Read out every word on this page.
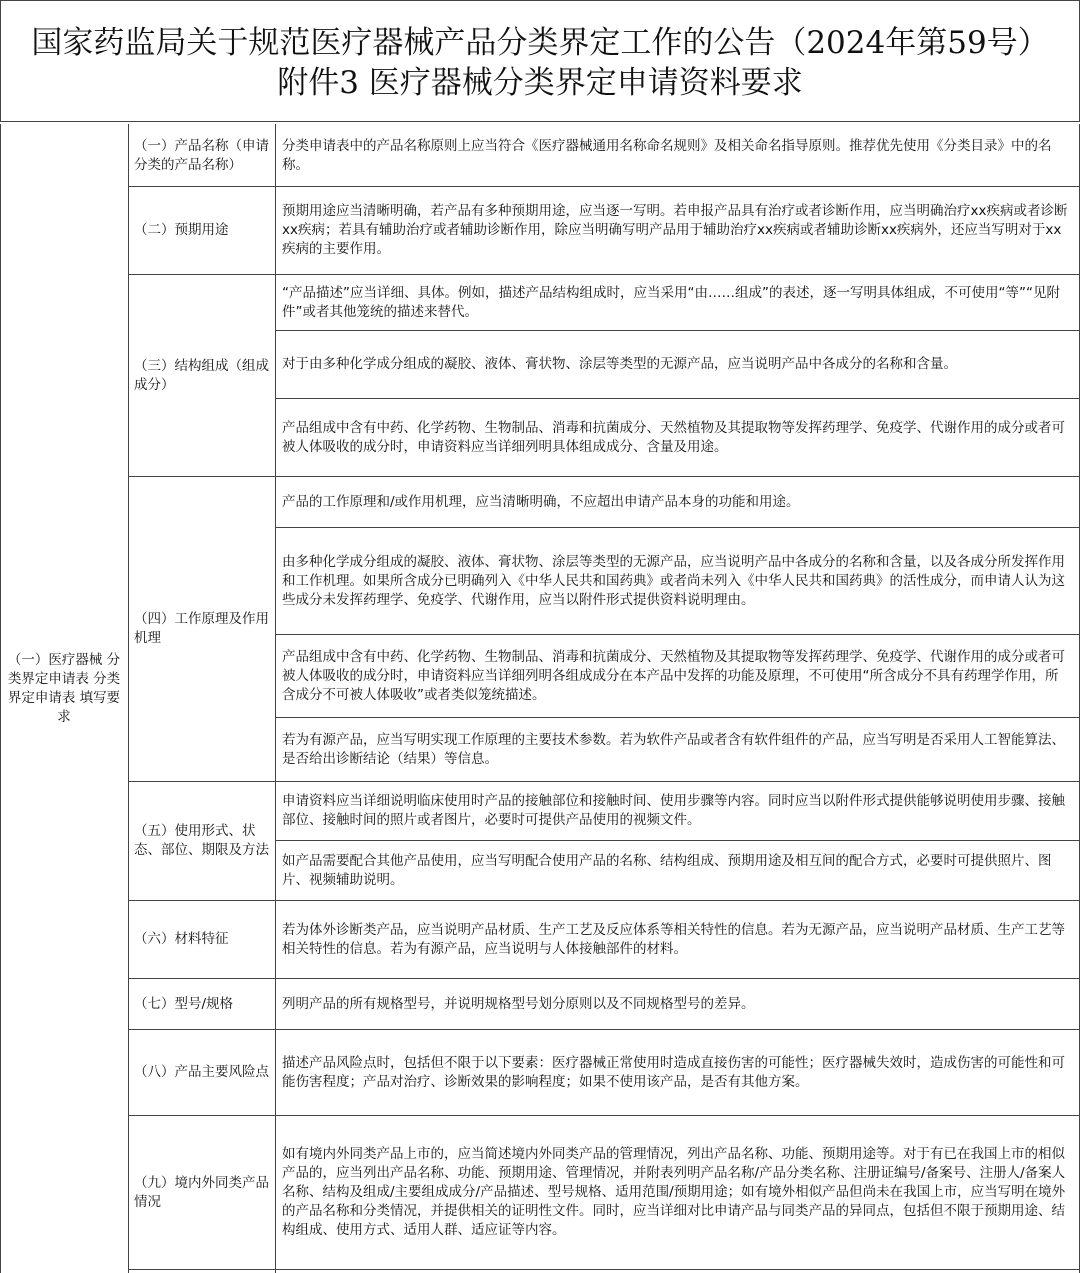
国家药监局关于规范医疗器械产品分类界定工作的公告（2024年第59号）
附件3 医疗器械分类界定申请资料要求
（一）医疗器械 分类界定申请表 分类界定申请表 填写要求
（一）产品名称（申请分类的产品名称）
（二）预期用途
（三）结构组成（组成成分）
（四）工作原理及作用机理
（五）使用形式、状态、部位、期限及方法
（六）材料特征
（七）型号/规格
（八）产品主要风险点
（九）境内外同类产品情况
分类申请表中的产品名称原则上应当符合《医疗器械通用名称命名规则》及相关命名指导原则。推荐优先使用《分类目录》中的名称。
预期用途应当清晰明确，若产品有多种预期用途，应当逐一写明。若申报产品具有治疗或者诊断作用，应当明确治疗xx疾病或者诊断xx疾病；若具有辅助治疗或者辅助诊断作用，除应当明确写明产品用于辅助治疗xx疾病或者辅助诊断xx疾病外，还应当写明对于xx疾病的主要作用。
“产品描述”应当详细、具体。例如，描述产品结构组成时，应当采用“由……组成”的表述，逐一写明具体组成，不可使用“等”“见附件”或者其他笼统的描述来替代。
对于由多种化学成分组成的凝胶、液体、膏状物、涂层等类型的无源产品，应当说明产品中各成分的名称和含量。
产品组成中含有中药、化学药物、生物制品、消毒和抗菌成分、天然植物及其提取物等发挥药理学、免疫学、代谢作用的成分或者可被人体吸收的成分时，申请资料应当详细列明具体组成成分、含量及用途。
产品的工作原理和/或作用机理，应当清晰明确，不应超出申请产品本身的功能和用途。
由多种化学成分组成的凝胶、液体、膏状物、涂层等类型的无源产品，应当说明产品中各成分的名称和含量，以及各成分所发挥作用和工作机理。如果所含成分已明确列入《中华人民共和国药典》或者尚未列入《中华人民共和国药典》的活性成分，而申请人认为这些成分未发挥药理学、免疫学、代谢作用，应当以附件形式提供资料说明理由。
产品组成中含有中药、化学药物、生物制品、消毒和抗菌成分、天然植物及其提取物等发挥药理学、免疫学、代谢作用的成分或者可被人体吸收的成分时，申请资料应当详细列明各组成成分在本产品中发挥的功能及原理，不可使用“所含成分不具有药理学作用，所含成分不可被人体吸收”或者类似笼统描述。
若为有源产品，应当写明实现工作原理的主要技术参数。若为软件产品或者含有软件组件的产品，应当写明是否采用人工智能算法、是否给出诊断结论（结果）等信息。
申请资料应当详细说明临床使用时产品的接触部位和接触时间、使用步骤等内容。同时应当以附件形式提供能够说明使用步骤、接触部位、接触时间的照片或者图片，必要时可提供产品使用的视频文件。
如产品需要配合其他产品使用，应当写明配合使用产品的名称、结构组成、预期用途及相互间的配合方式，必要时可提供照片、图片、视频辅助说明。
若为体外诊断类产品，应当说明产品材质、生产工艺及反应体系等相关特性的信息。若为无源产品，应当说明产品材质、生产工艺等相关特性的信息。若为有源产品，应当说明与人体接触部件的材料。
列明产品的所有规格型号，并说明规格型号划分原则以及不同规格型号的差异。
描述产品风险点时，包括但不限于以下要素：医疗器械正常使用时造成直接伤害的可能性；医疗器械失效时，造成伤害的可能性和可能伤害程度；产品对治疗、诊断效果的影响程度；如果不使用该产品，是否有其他方案。
如有境内外同类产品上市的，应当简述境内外同类产品的管理情况，列出产品名称、功能、预期用途等。对于有已在我国上市的相似产品的，应当列出产品名称、功能、预期用途、管理情况，并附表列明产品名称/产品分类名称、注册证编号/备案号、注册人/备案人名称、结构及组成/主要组成成分/产品描述、型号规格、适用范围/预期用途；如有境外相似产品但尚未在我国上市，应当写明在境外的产品名称和分类情况，并提供相关的证明性文件。同时，应当详细对比申请产品与同类产品的异同点，包括但不限于预期用途、结构组成、使用方式、适用人群、适应证等内容。
